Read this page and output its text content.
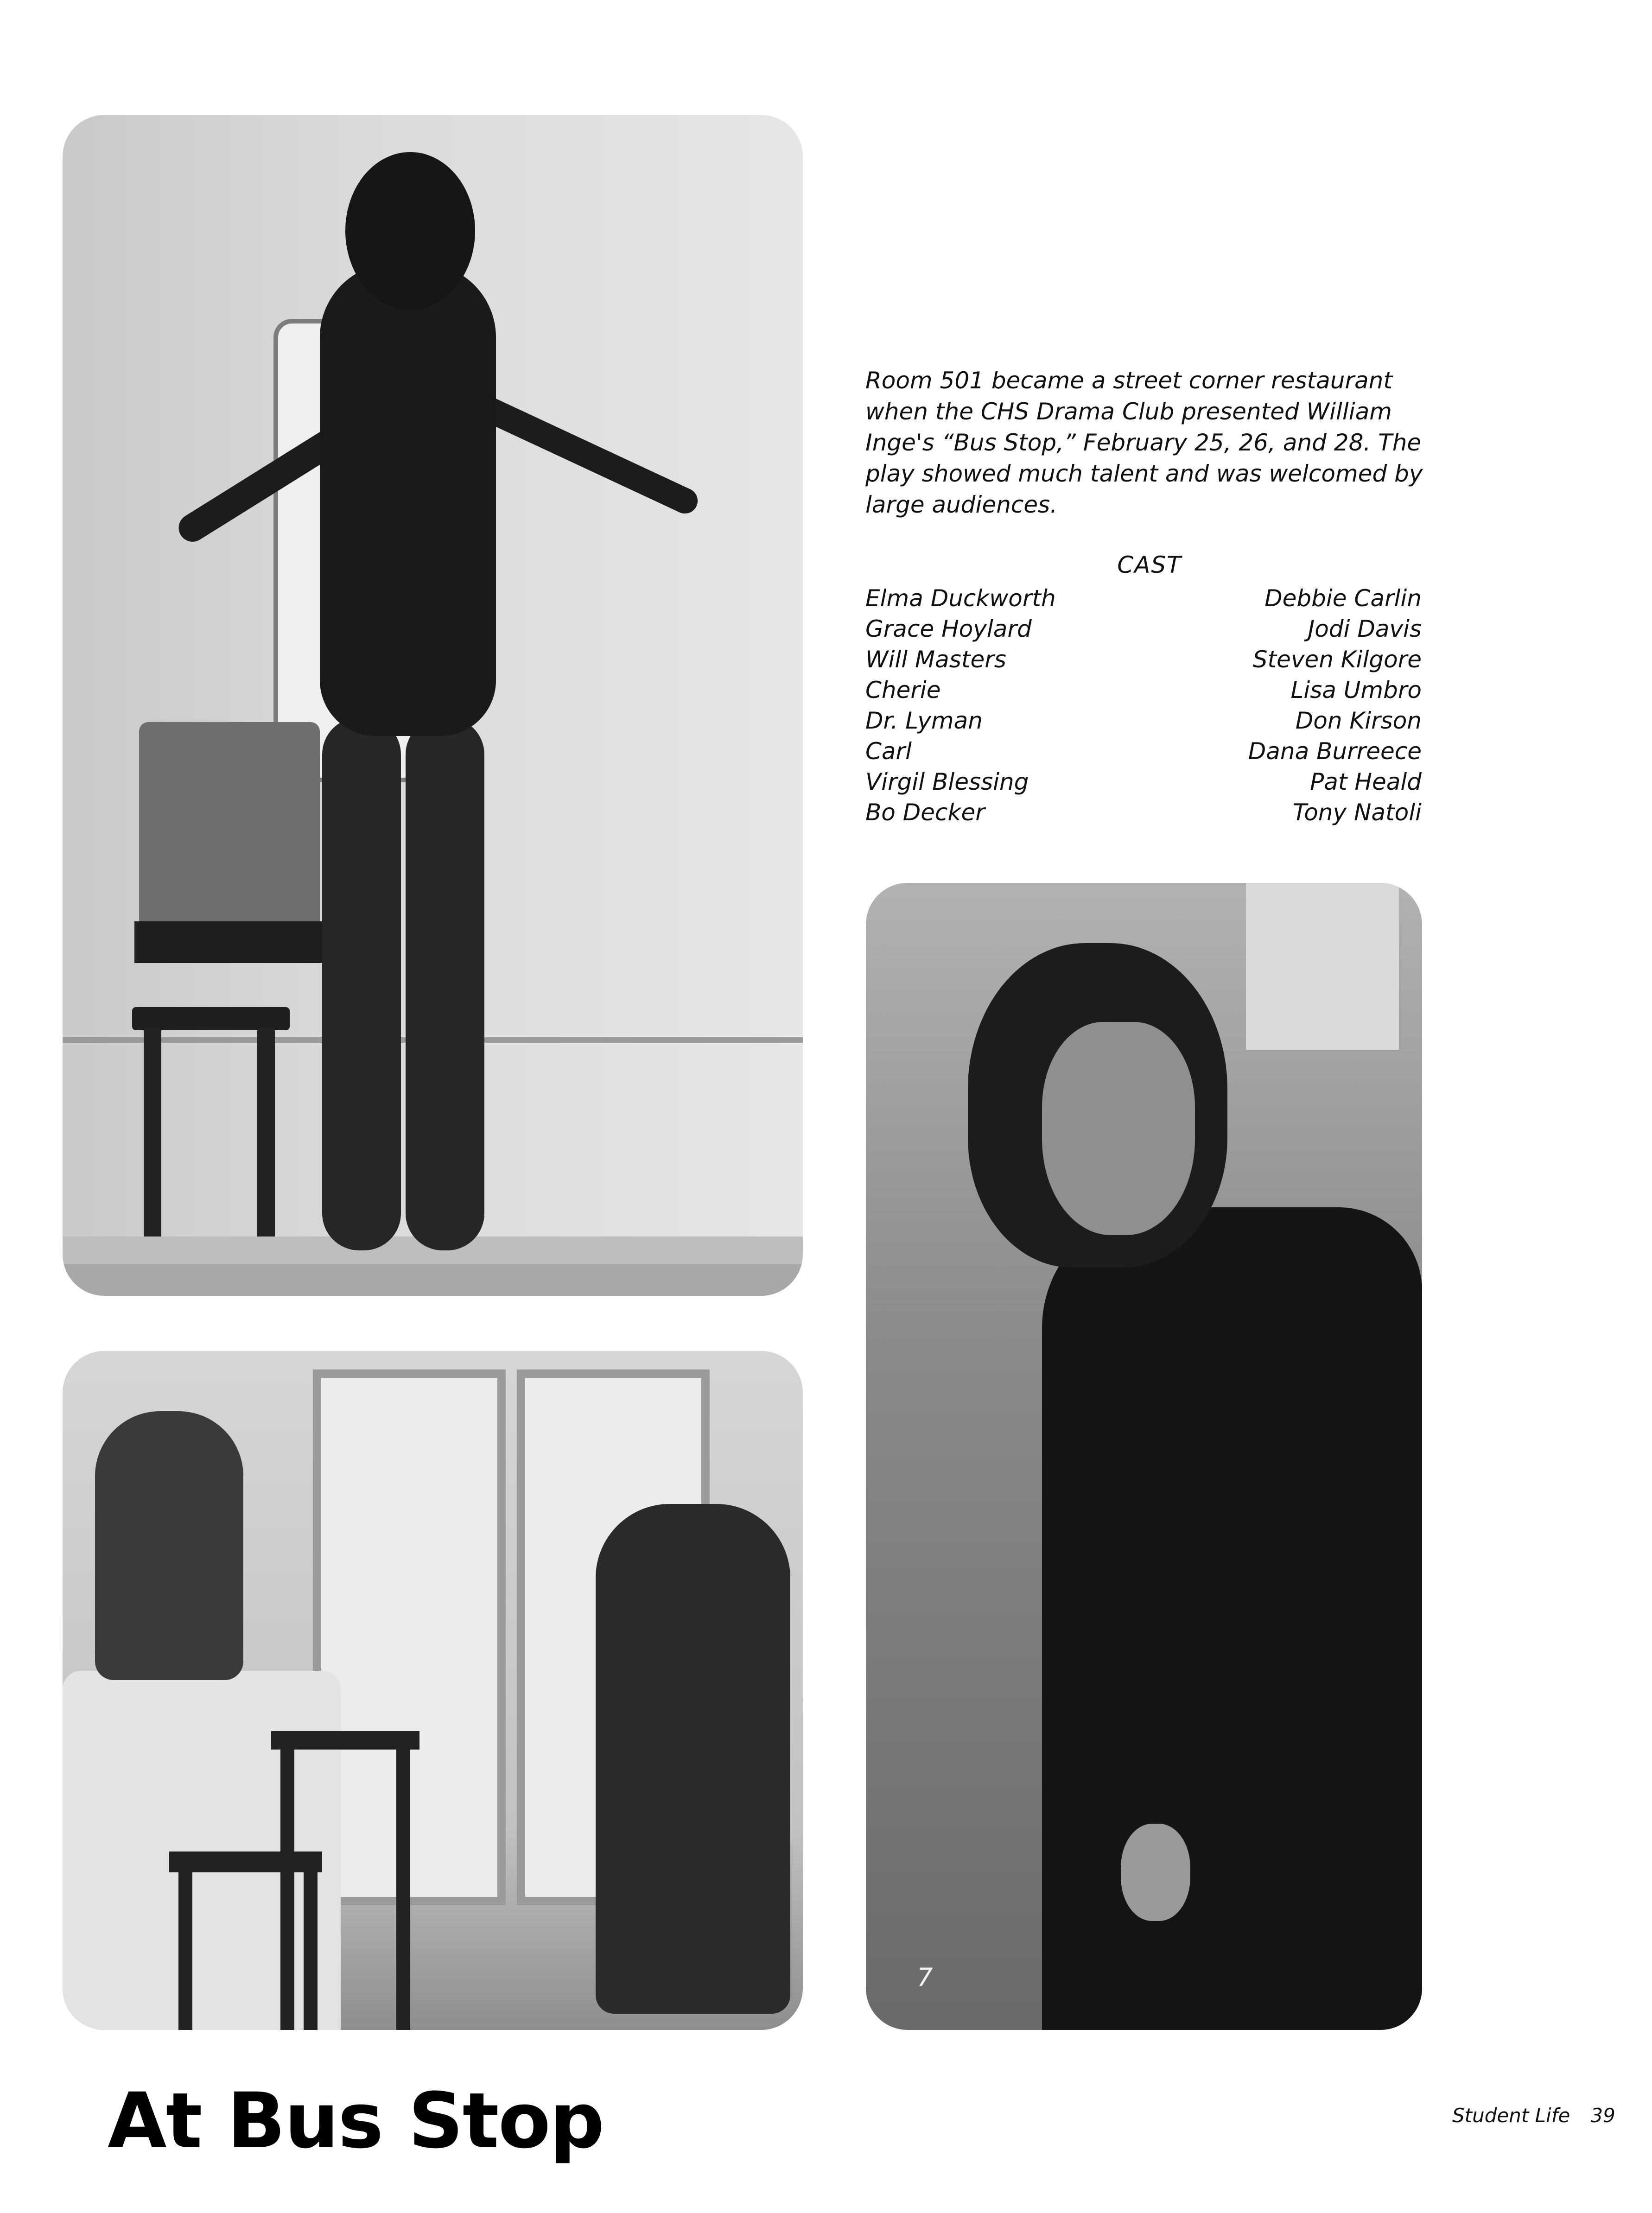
7

Room 501 became a street corner restaurant when the CHS Drama Club presented William Inge's “Bus Stop,” February 25, 26, and 28. The play showed much talent and was welcomed by large audiences.

CAST
Elma Duckworth	Debbie Carlin
Grace Hoylard	Jodi Davis
Will Masters	Steven Kilgore
Cherie	Lisa Umbro
Dr. Lyman	Don Kirson
Carl	Dana Burreece
Virgil Blessing	Pat Heald
Bo Decker	Tony Natoli
At Bus Stop	Student Life 39
